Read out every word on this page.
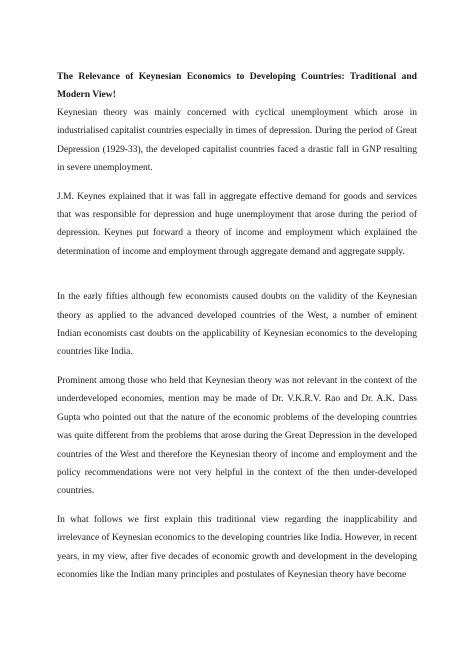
The Relevance of Keynesian Economics to Developing Countries: Traditional and Modern View!

Keynesian theory was mainly concerned with cyclical unemployment which arose in industrialised capitalist countries especially in times of depression. During the period of Great Depression (1929-33), the developed capitalist countries faced a drastic fall in GNP resulting in severe unemployment.

J.M. Keynes explained that it was fall in aggregate effective demand for goods and services that was responsible for depression and huge unemployment that arose during the period of depression. Keynes put forward a theory of income and employment which explained the determination of income and employment through aggregate demand and aggregate supply.

In the early fifties although few economists caused doubts on the validity of the Keynesian theory as applied to the advanced developed countries of the West, a number of eminent Indian economists cast doubts on the applicability of Keynesian economics to the developing countries like India.

Prominent among those who held that Keynesian theory was not relevant in the context of the underdeveloped economies, mention may be made of Dr. V.K.R.V. Rao and Dr. A.K. Dass Gupta who pointed out that the nature of the economic problems of the developing countries was quite different from the problems that arose during the Great Depression in the developed countries of the West and therefore the Keynesian theory of income and employment and the policy recommendations were not very helpful in the context of the then under-developed countries.

In what follows we first explain this traditional view regarding the inapplicability and irrelevance of Keynesian economics to the developing countries like India. However, in recent years, in my view, after five decades of economic growth and development in the developing economies like the Indian many principles and postulates of Keynesian theory have become
